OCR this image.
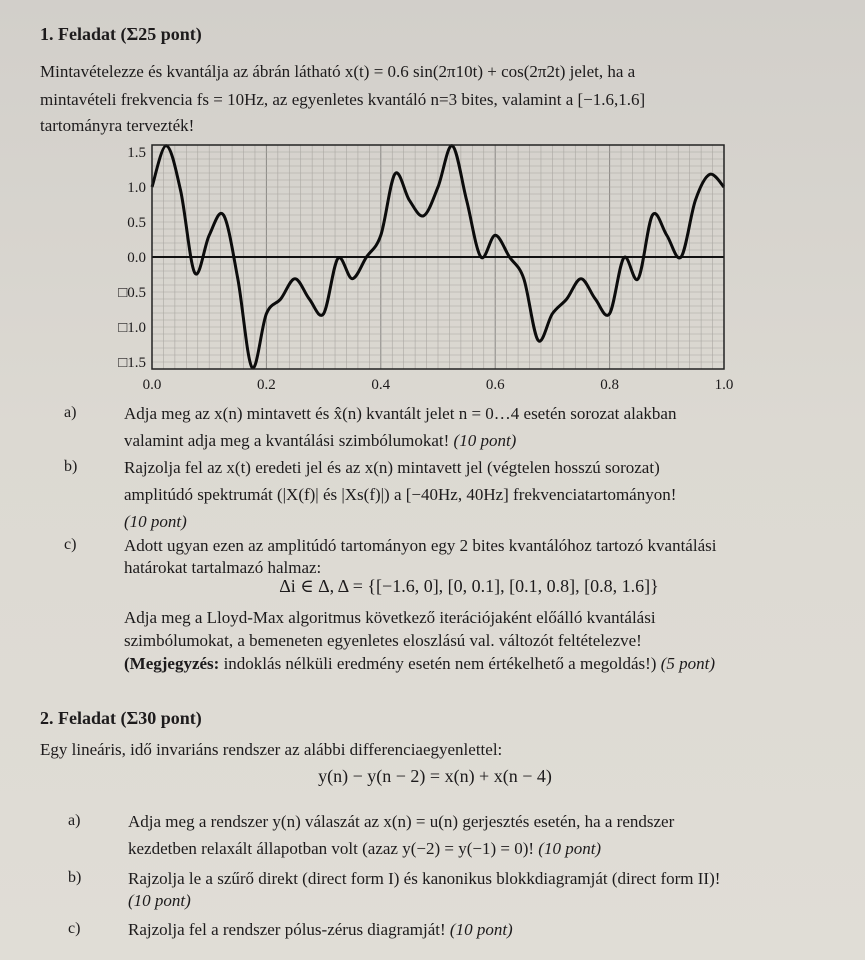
1. Feladat (Σ25 pont)
Mintavételezze és kvantálja az ábrán látható x(t) = 0.6 sin(2π10t) + cos(2π2t) jelet, ha a
mintavételi frekvencia fs = 10Hz, az egyenletes kvantáló n=3 bites, valamint a [−1.6,1.6]
tartományra tervezték!
1.5
1.0
0.5
0.0
□0.5
□1.0
□1.5
0.0	0.2	0.4	0.6	0.8	1.0
a)	Adja meg az x(n) mintavett és x̂(n) kvantált jelet n = 0…4 esetén sorozat alakban
valamint adja meg a kvantálási szimbólumokat! (10 pont)
b)	Rajzolja fel az x(t) eredeti jel és az x(n) mintavett jel (végtelen hosszú sorozat)
amplitúdó spektrumát (|X(f)| és |Xs(f)|) a [−40Hz, 40Hz] frekvenciatartományon!
(10 pont)
c)	Adott ugyan ezen az amplitúdó tartományon egy 2 bites kvantálóhoz tartozó kvantálási
határokat tartalmazó halmaz:
Δi ∈ Δ, Δ = {[−1.6, 0], [0, 0.1], [0.1, 0.8], [0.8, 1.6]}
Adja meg a Lloyd-Max algoritmus következő iterációjaként előálló kvantálási
szimbólumokat, a bemeneten egyenletes eloszlású val. változót feltételezve!
(Megjegyzés: indoklás nélküli eredmény esetén nem értékelhető a megoldás!) (5 pont)
2. Feladat (Σ30 pont)
Egy lineáris, idő invariáns rendszer az alábbi differenciaegyenlettel:
y(n) − y(n − 2) = x(n) + x(n − 4)
a)	Adja meg a rendszer y(n) válaszát az x(n) = u(n) gerjesztés esetén, ha a rendszer
kezdetben relaxált állapotban volt (azaz y(−2) = y(−1) = 0)! (10 pont)
b)	Rajzolja le a szűrő direkt (direct form I) és kanonikus blokkdiagramját (direct form II)!
(10 pont)
c)	Rajzolja fel a rendszer pólus-zérus diagramját! (10 pont)
